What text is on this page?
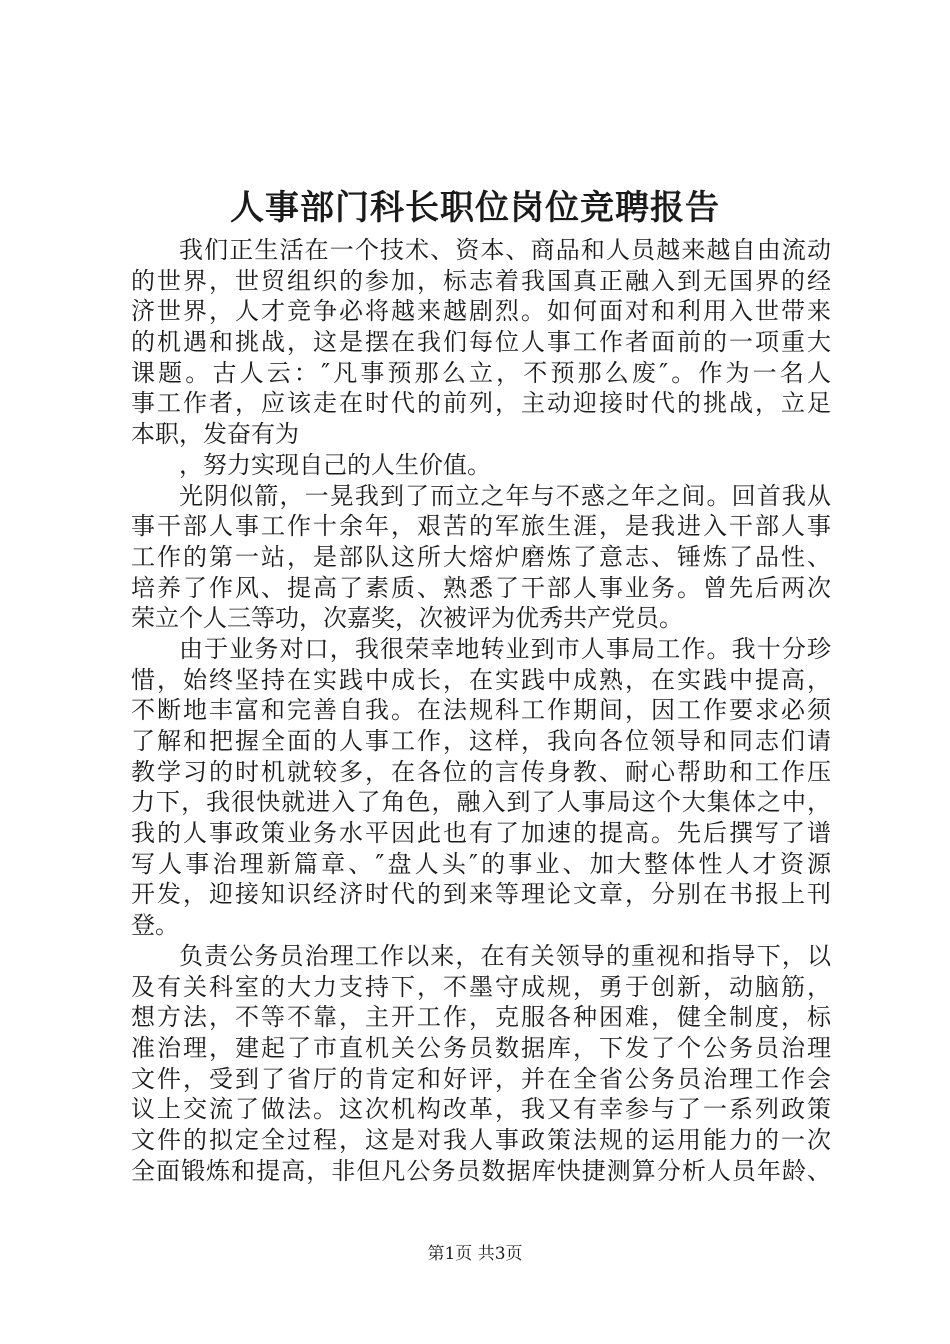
人事部门科长职位岗位竞聘报告
我们正生活在一个技术、资本、商品和人员越来越自由流动
的世界，世贸组织的参加，标志着我国真正融入到无国界的经
济世界，人才竞争必将越来越剧烈。如何面对和利用入世带来
的机遇和挑战，这是摆在我们每位人事工作者面前的一项重大
课题。古人云：″凡事预那么立，不预那么废″。作为一名人
事工作者，应该走在时代的前列，主动迎接时代的挑战，立足
本职，发奋有为
，努力实现自己的人生价值。
光阴似箭，一晃我到了而立之年与不惑之年之间。回首我从
事干部人事工作十余年，艰苦的军旅生涯，是我进入干部人事
工作的第一站，是部队这所大熔炉磨炼了意志、锤炼了品性、
培养了作风、提高了素质、熟悉了干部人事业务。曾先后两次
荣立个人三等功，次嘉奖，次被评为优秀共产党员。
由于业务对口，我很荣幸地转业到市人事局工作。我十分珍
惜，始终坚持在实践中成长，在实践中成熟，在实践中提高，
不断地丰富和完善自我。在法规科工作期间，因工作要求必须
了解和把握全面的人事工作，这样，我向各位领导和同志们请
教学习的时机就较多，在各位的言传身教、耐心帮助和工作压
力下，我很快就进入了角色，融入到了人事局这个大集体之中，
我的人事政策业务水平因此也有了加速的提高。先后撰写了谱
写人事治理新篇章、″盘人头″的事业、加大整体性人才资源
开发，迎接知识经济时代的到来等理论文章，分别在书报上刊
登。
负责公务员治理工作以来，在有关领导的重视和指导下，以
及有关科室的大力支持下，不墨守成规，勇于创新，动脑筋，
想方法，不等不靠，主开工作，克服各种困难，健全制度，标
准治理，建起了市直机关公务员数据库，下发了个公务员治理
文件，受到了省厅的肯定和好评，并在全省公务员治理工作会
议上交流了做法。这次机构改革，我又有幸参与了一系列政策
文件的拟定全过程，这是对我人事政策法规的运用能力的一次
全面锻炼和提高，非但凡公务员数据库快捷测算分析人员年龄、
第1页 共3页
